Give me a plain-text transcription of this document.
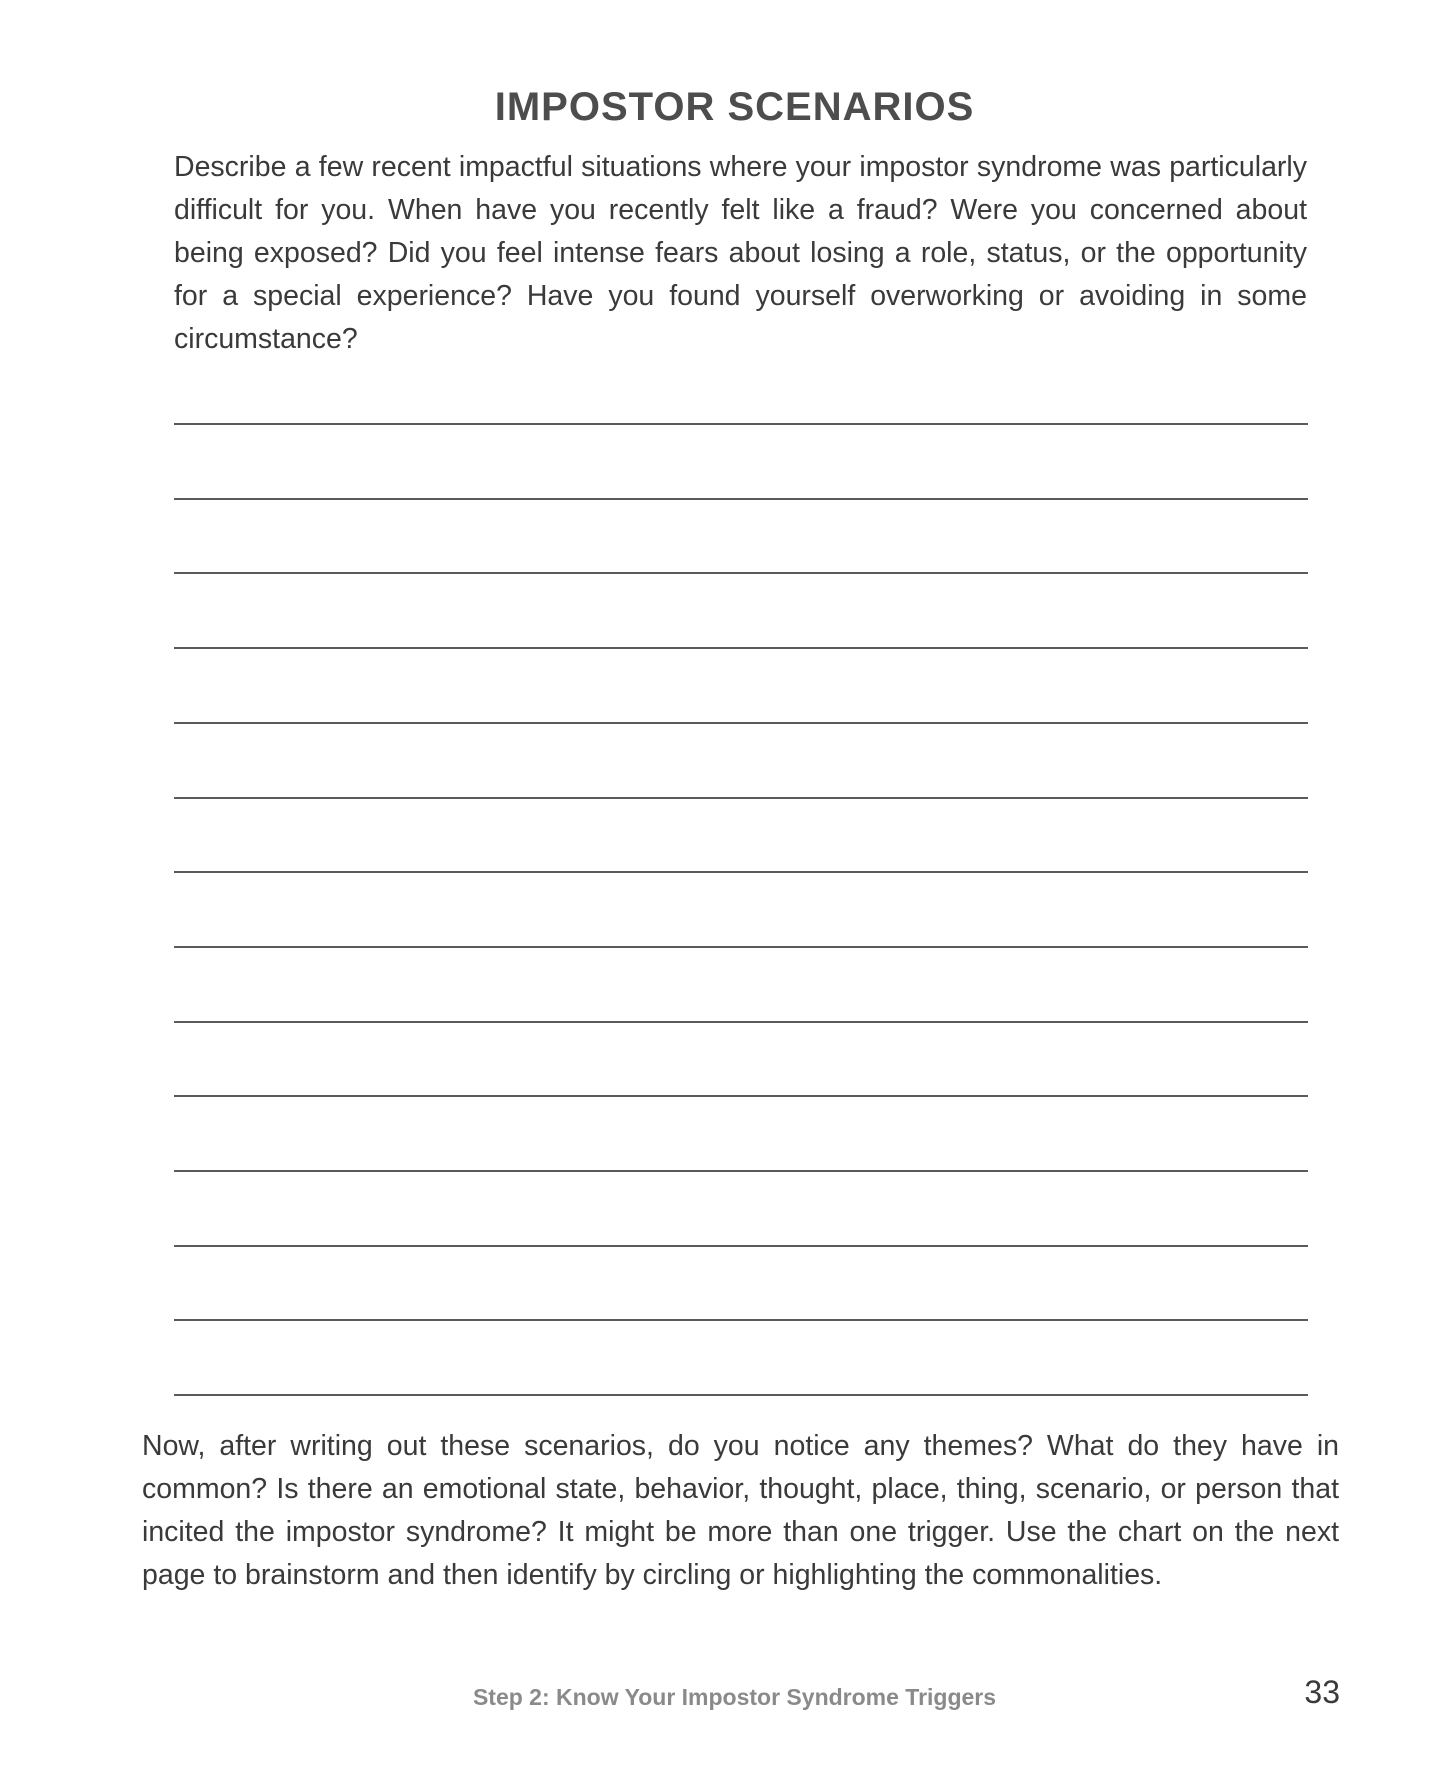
IMPOSTOR SCENARIOS
Describe a few recent impactful situations where your impostor syndrome was particularly difficult for you. When have you recently felt like a fraud? Were you concerned about being exposed? Did you feel intense fears about losing a role, status, or the opportunity for a special experience? Have you found yourself overworking or avoiding in some circumstance?
Now, after writing out these scenarios, do you notice any themes? What do they have in common? Is there an emotional state, behavior, thought, place, thing, scenario, or person that incited the impostor syndrome? It might be more than one trigger. Use the chart on the next page to brainstorm and then identify by circling or highlighting the commonalities.
Step 2: Know Your Impostor Syndrome Triggers	33
